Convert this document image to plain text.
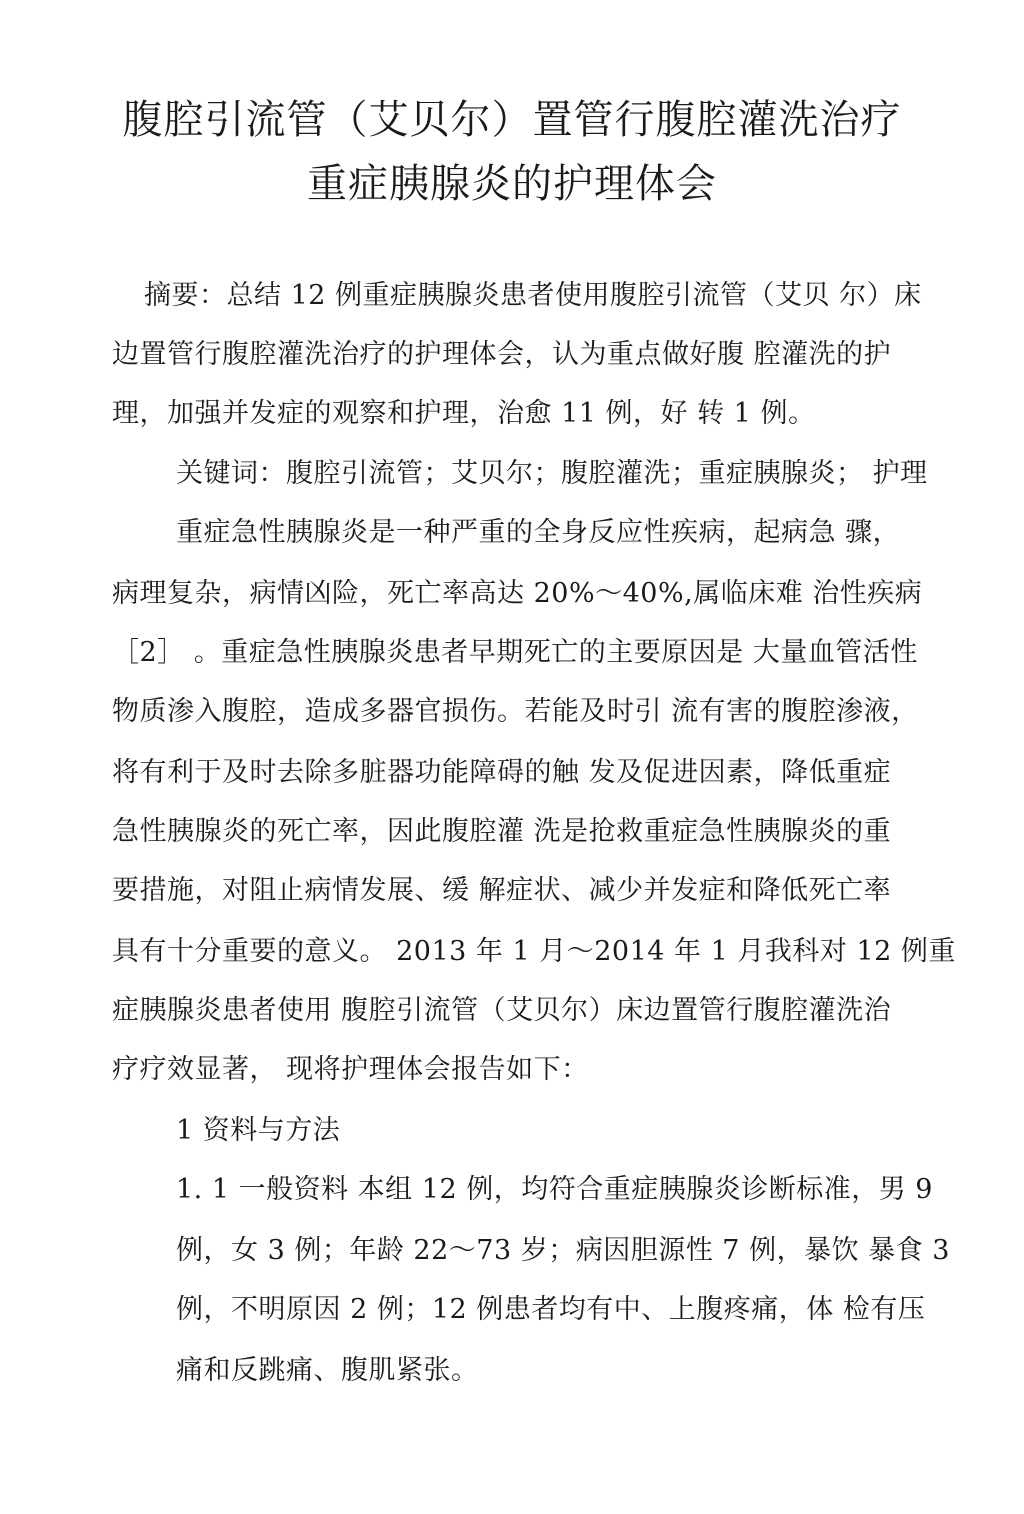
腹腔引流管（艾贝尔）置管行腹腔灌洗治疗
重症胰腺炎的护理体会
摘要：总结 12 例重症胰腺炎患者使用腹腔引流管（艾贝 尔）床
边置管行腹腔灌洗治疗的护理体会，认为重点做好腹 腔灌洗的护
理，加强并发症的观察和护理，治愈 11 例，好 转 1 例。
关键词：腹腔引流管；艾贝尔；腹腔灌洗；重症胰腺炎； 护理
重症急性胰腺炎是一种严重的全身反应性疾病，起病急 骤，
病理复杂，病情凶险，死亡率高达 20%～40%,属临床难 治性疾病
［2］ 。重症急性胰腺炎患者早期死亡的主要原因是 大量血管活性
物质渗入腹腔，造成多器官损伤。若能及时引 流有害的腹腔渗液，
将有利于及时去除多脏器功能障碍的触 发及促进因素，降低重症
急性胰腺炎的死亡率，因此腹腔灌 洗是抢救重症急性胰腺炎的重
要措施，对阻止病情发展、缓 解症状、减少并发症和降低死亡率
具有十分重要的意义。 2013 年 1 月～2014 年 1 月我科对 12 例重
症胰腺炎患者使用 腹腔引流管（艾贝尔）床边置管行腹腔灌洗治
疗疗效显著， 现将护理体会报告如下：
1 资料与方法
1. 1 一般资料 本组 12 例，均符合重症胰腺炎诊断标准，男 9
例，女 3 例；年龄 22～73 岁；病因胆源性 7 例，暴饮 暴食 3
例，不明原因 2 例；12 例患者均有中、上腹疼痛，体 检有压
痛和反跳痛、腹肌紧张。
